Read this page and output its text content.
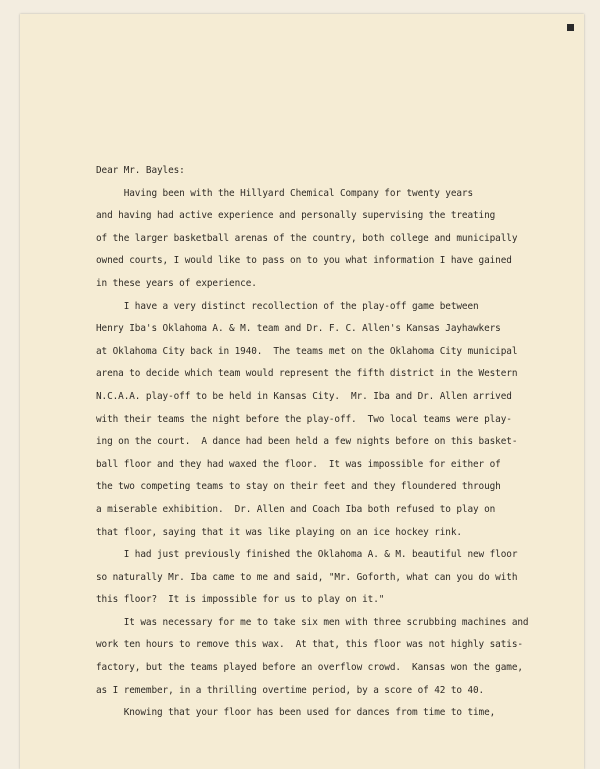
Dear Mr. Bayles:
Having been with the Hillyard Chemical Company for twenty years
and having had active experience and personally supervising the treating
of the larger basketball arenas of the country, both college and municipally
owned courts, I would like to pass on to you what information I have gained
in these years of experience.
I have a very distinct recollection of the play-off game between
Henry Iba's Oklahoma A. & M. team and Dr. F. C. Allen's Kansas Jayhawkers
at Oklahoma City back in 1940.  The teams met on the Oklahoma City municipal
arena to decide which team would represent the fifth district in the Western
N.C.A.A. play-off to be held in Kansas City.  Mr. Iba and Dr. Allen arrived
with their teams the night before the play-off.  Two local teams were play-
ing on the court.  A dance had been held a few nights before on this basket-
ball floor and they had waxed the floor.  It was impossible for either of
the two competing teams to stay on their feet and they floundered through
a miserable exhibition.  Dr. Allen and Coach Iba both refused to play on
that floor, saying that it was like playing on an ice hockey rink.
I had just previously finished the Oklahoma A. & M. beautiful new floor
so naturally Mr. Iba came to me and said, "Mr. Goforth, what can you do with
this floor?  It is impossible for us to play on it."
It was necessary for me to take six men with three scrubbing machines and
work ten hours to remove this wax.  At that, this floor was not highly satis-
factory, but the teams played before an overflow crowd.  Kansas won the game,
as I remember, in a thrilling overtime period, by a score of 42 to 40.
Knowing that your floor has been used for dances from time to time,
